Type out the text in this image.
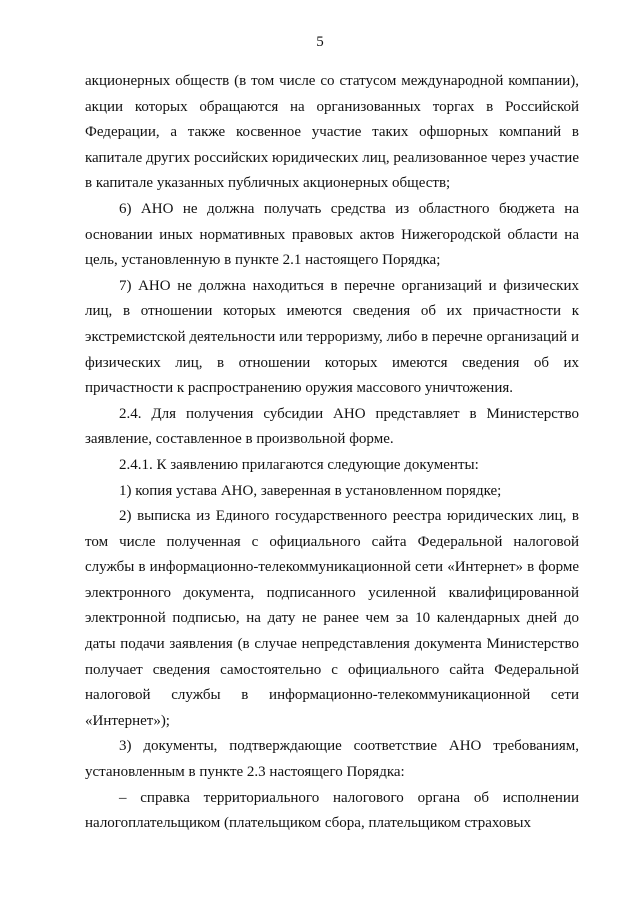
5

акционерных обществ (в том числе со статусом международной компании), акции которых обращаются на организованных торгах в Российской Федерации, а также косвенное участие таких офшорных компаний в капитале других российских юридических лиц, реализованное через участие в капитале указанных публичных акционерных обществ;

6) АНО не должна получать средства из областного бюджета на основании иных нормативных правовых актов Нижегородской области на цель, установленную в пункте 2.1 настоящего Порядка;

7) АНО не должна находиться в перечне организаций и физических лиц, в отношении которых имеются сведения об их причастности к экстремистской деятельности или терроризму, либо в перечне организаций и физических лиц, в отношении которых имеются сведения об их причастности к распространению оружия массового уничтожения.

2.4. Для получения субсидии АНО представляет в Министерство заявление, составленное в произвольной форме.

2.4.1. К заявлению прилагаются следующие документы:

1) копия устава АНО, заверенная в установленном порядке;

2) выписка из Единого государственного реестра юридических лиц, в том числе полученная с официального сайта Федеральной налоговой службы в информационно-телекоммуникационной сети «Интернет» в форме электронного документа, подписанного усиленной квалифицированной электронной подписью, на дату не ранее чем за 10 календарных дней до даты подачи заявления (в случае непредставления документа Министерство получает сведения самостоятельно с официального сайта Федеральной налоговой службы в информационно-телекоммуникационной сети «Интернет»);

3) документы, подтверждающие соответствие АНО требованиям, установленным в пункте 2.3 настоящего Порядка:

– справка территориального налогового органа об исполнении налогоплательщиком (плательщиком сбора, плательщиком страховых
